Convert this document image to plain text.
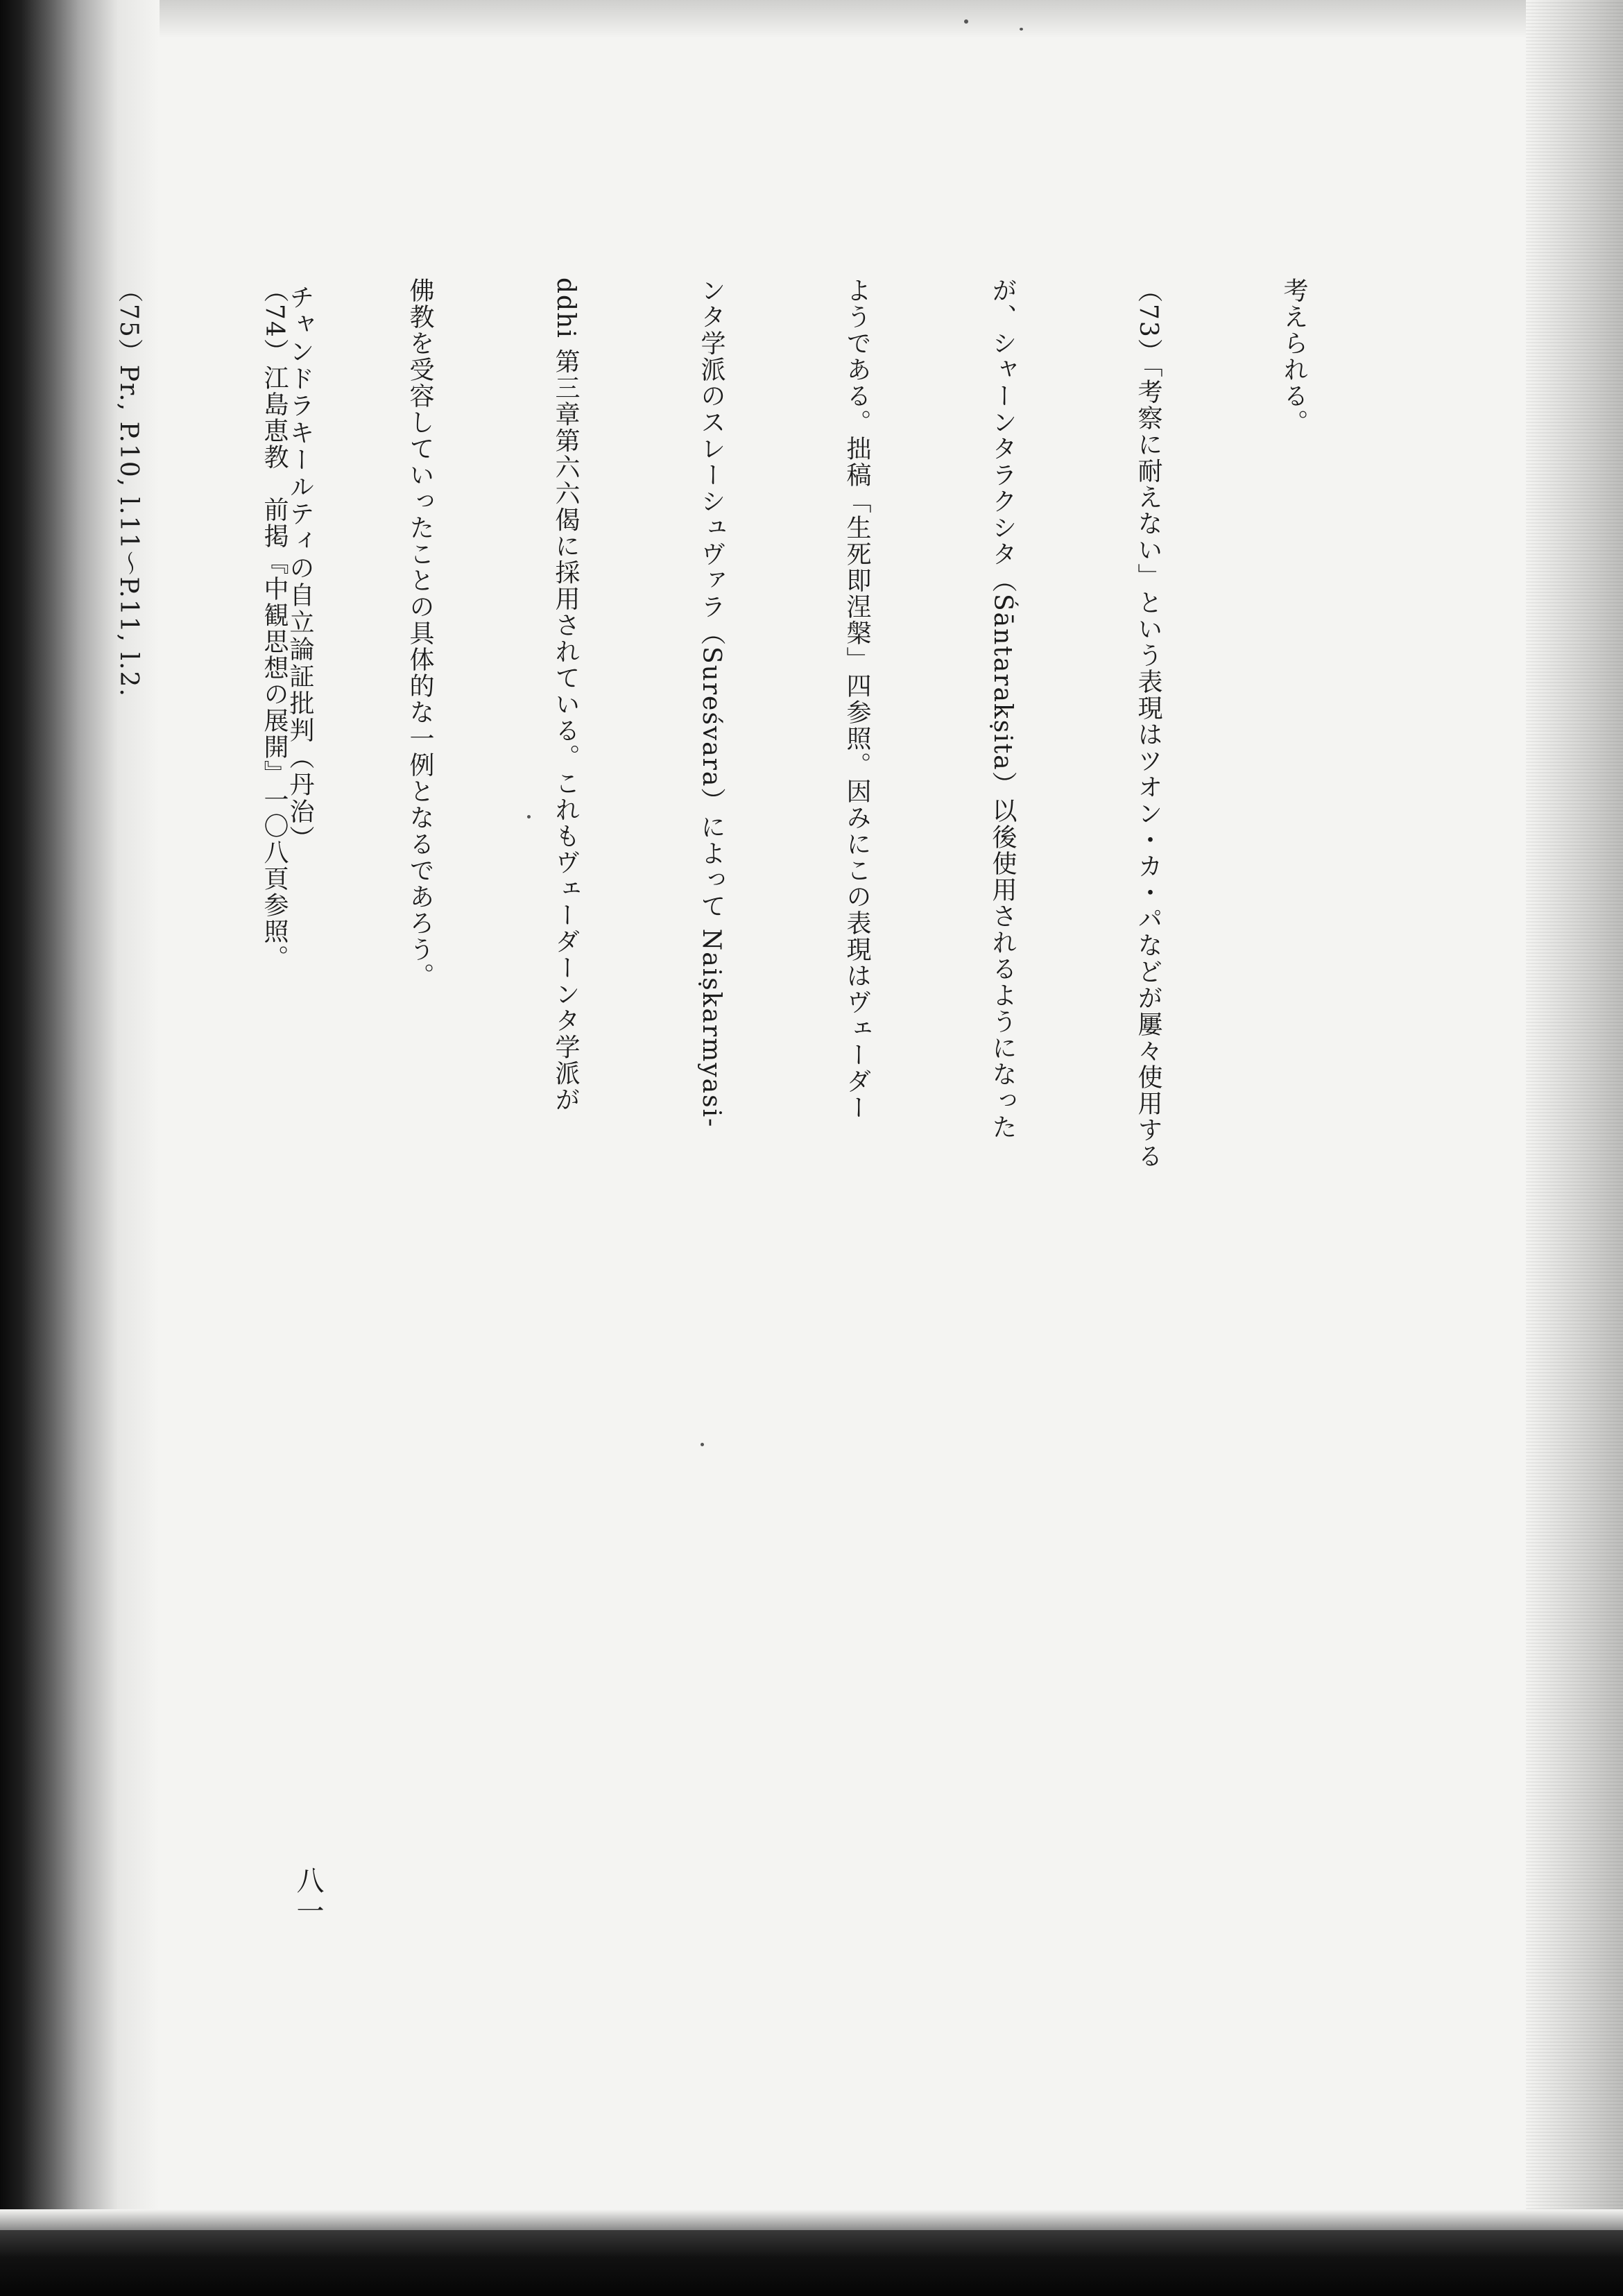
考えられる。

（73）「考察に耐えない」という表現はツオン・カ・パなどが屢々使用する

が、シャーンタラクシタ（Śāntarakṣita）以後使用されるようになった

ようである。拙稿「生死即涅槃」四参照。因みにこの表現はヴェーダー

ンタ学派のスレーシュヴァラ（Sureśvara）によって Naiṣkarmyasi-

ddhi 第三章第六六偈に採用されている。これもヴェーダーンタ学派が

佛教を受容していったことの具体的な一例となるであろう。

（74）江島恵教　前掲『中観思想の展開』一〇八頁参照。

（75）Pr., P.10, l.11〜P.11, l.2.

	チャンドラキールティの自立論証批判（丹治）
八一
